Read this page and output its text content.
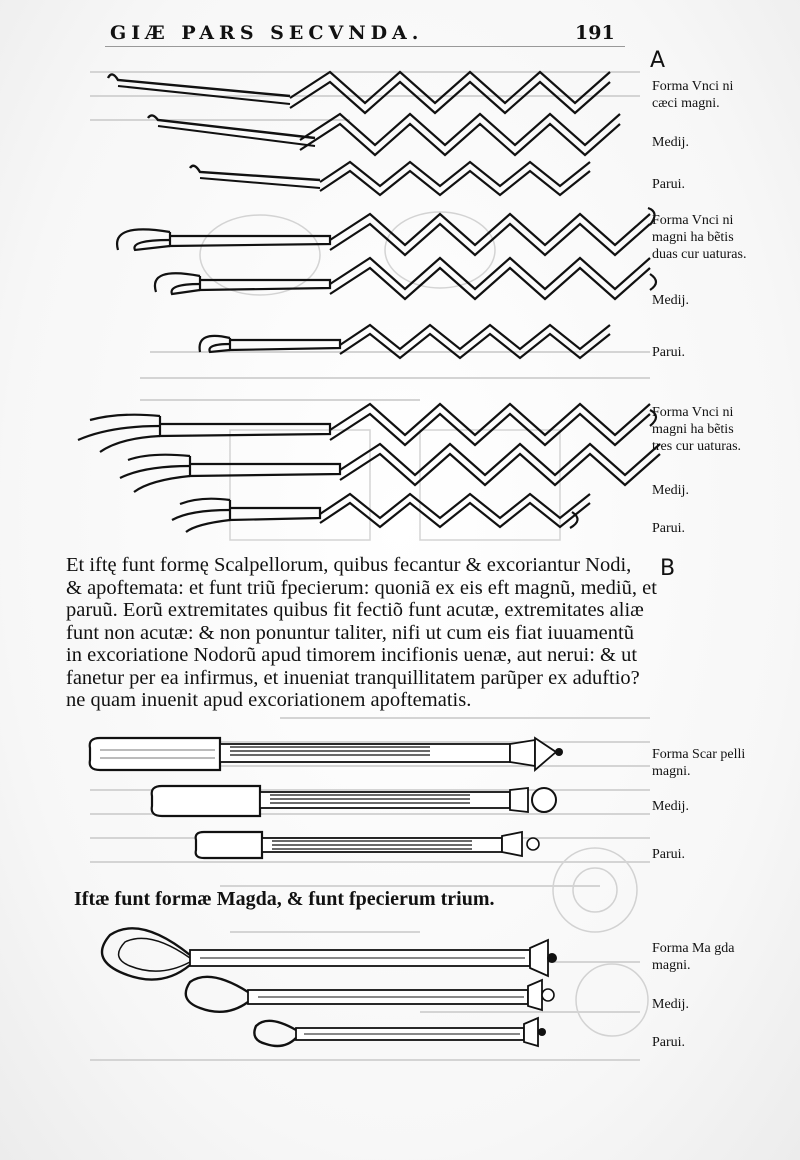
GIÆ PARS SECVNDA.	191
A
B
Forma Vnci ni cæci magni.
Medij.
Parui.
Forma Vnci ni magni ha bẽtis duas cur uaturas.
Medij.
Parui.
Forma Vnci ni magni ha bẽtis tres cur uaturas.
Medij.
Parui.
Forma Scar pelli magni.
Medij.
Parui.
Forma Ma gda magni.
Medij.
Parui.

Et iftę funt formę Scalpellorum, quibus fecantur & excoriantur Nodi,

& apoftemata: et funt triũ fpecierum: quoniã ex eis eft magnũ, mediũ, et

paruũ. Eorũ extremitates quibus fit fectiõ funt acutæ, extremitates aliæ

funt non acutæ: & non ponuntur taliter, nifi ut cum eis fiat iuuamentũ

in excoriatione Nodorũ apud timorem incifionis uenæ, aut nerui: & ut

fanetur per ea infirmus, et inueniat tranquillitatem parũper ex aduftio?

ne quam inuenit apud excoriationem apoftematis.

Iftæ funt formæ Magda, & funt fpecierum trium.
